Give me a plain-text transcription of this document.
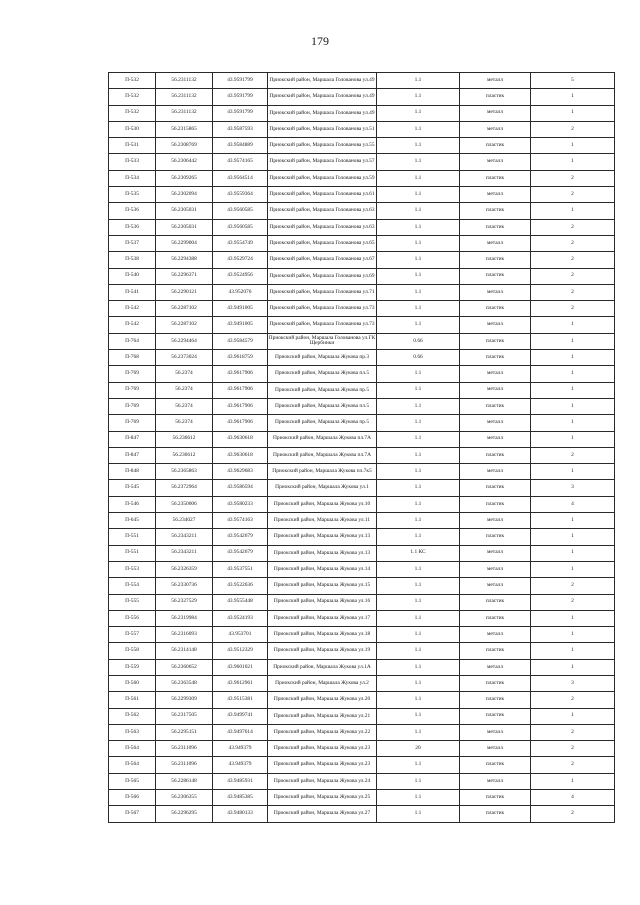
179
П-532	56.2311132	43.9591799	Приокский район, Маршала Голованова ул.49	1.1	металл	5
П-532	56.2311132	43.9591799	Приокский район, Маршала Голованова ул.49	1.1	пластик	1
П-532	56.2311132	43.9591799	Приокский район, Маршала Голованова ул.49	1.1	металл	1
П-530	56.2315865	43.9587593	Приокский район, Маршала Голованова ул.51	1.1	металл	2
П-531	56.2308769	43.9584889	Приокский район, Маршала Голованова ул.55	1.1	пластик	1
П-533	56.2306442	43.9574165	Приокский район, Маршала Голованова ул.57	1.1	металл	1
П-534	56.2309265	43.9564514	Приокский район, Маршала Голованова ул.59	1.1	пластик	2
П-535	56.2302094	43.9559364	Приокский район, Маршала Голованова ул.61	1.1	металл	2
П-536	56.2305031	43.9560585	Приокский район, Маршала Голованова ул.63	1.1	пластик	1
П-536	56.2305031	43.9560585	Приокский район, Маршала Голованова ул.63	1.1	пластик	2
П-537	56.2299004	43.9554749	Приокский район, Маршала Голованова ул.65	1.1	металл	2
П-538	56.2294388	43.9529724	Приокский район, Маршала Голованова ул.67	1.1	пластик	2
П-540	56.2296371	43.9524956	Приокский район, Маршала Голованова ул.69	1.1	пластик	2
П-541	56.2290121	43.952076	Приокский район, Маршала Голованова ул.71	1.1	металл	2
П-542	56.2287102	43.9491005	Приокский район, Маршала Голованова ул.73	1.1	пластик	2
П-542	56.2287102	43.9491005	Приокский район, Маршала Голованова ул.73	1.1	металл	1
П-764	56.2294464	43.9584579	Приокский район, Маршала Голованова ул.ГК Щербинки	0.66	пластик	1
П-768	56.2373024	43.9618759	Приокский район, Маршала Жукова пр.3	0.66	пластик	1
П-769	56.2374	43.9617906	Приокский район, Маршала Жукова пл.5	1.1	металл	1
П-769	56.2374	43.9617906	Приокский район, Маршала Жукова пр.5	1.1	металл	1
П-769	56.2374	43.9617906	Приокский район, Маршала Жукова пл.5	1.1	пластик	1
П-769	56.2374	43.9617906	Приокский район, Маршала Жукова пр.5	1.1	металл	1
П-847	56.236612	43.9630618	Приокский район, Маршала Жукова пл.7А	1.1	металл	1
П-847	56.236612	43.9630618	Приокский район, Маршала Жукова пл.7А	1.1	пластик	2
П-848	56.2365863	43.9629683	Приокский район, Маршала Жукова пл.7к5	1.1	металл	1
П-545	56.2372964	43.9586594	Приокский район, Маршала Жукова ул.1	1.1	пластик	3
П-546	56.2350006	43.9580233	Приокский район, Маршала Жукова ул.10	1.1	пластик	4
П-645	56.234027	43.9574163	Приокский район, Маршала Жукова ул.11	1.1	металл	1
П-551	56.2343211	43.9542679	Приокский район, Маршала Жукова ул.13	1.1	пластик	1
П-551	56.2343211	43.9542679	Приокский район, Маршала Жукова ул.13	1.1 КС	металл	1
П-553	56.2326359	43.9537551	Приокский район, Маршала Жукова ул.14	1.1	металл	1
П-554	56.2330736	43.9522636	Приокский район, Маршала Жукова ул.15	1.1	металл	2
П-555	56.2327529	43.9555448	Приокский район, Маршала Жукова ул.16	1.1	пластик	2
П-556	56.2319984	43.9524193	Приокский район, Маршала Жукова ул.17	1.1	пластик	1
П-557	56.2316093	43.953701	Приокский район, Маршала Жукова ул.18	1.1	металл	1
П-558	56.2314148	43.9512329	Приокский район, Маршала Жукова ул.19	1.1	пластик	1
П-559	56.2360652	43.9601021	Приокский район, Маршала Жукова ул.1А	1.1	металл	1
П-560	56.2363548	43.9612961	Приокский район, Маршала Жукова ул.2	1.1	пластик	3
П-561	56.2299309	43.9515381	Приокский район, Маршала Жукова ул.20	1.1	пластик	2
П-562	56.2317505	43.9499741	Приокский район, Маршала Жукова ул.21	1.1	пластик	1
П-563	56.2295151	43.9497614	Приокский район, Маршала Жукова ул.22	1.1	металл	2
П-564	56.2311096	43.949379	Приокский район, Маршала Жукова ул.23	20	металл	2
П-564	56.2311096	43.949379	Приокский район, Маршала Жукова ул.23	1.1	пластик	2
П-565	56.2286148	43.9485931	Приокский район, Маршала Жукова ул.24	1.1	металл	1
П-566	56.2306355	43.9485385	Приокский район, Маршала Жукова ул.25	1.1	пластик	4
П-567	56.2296295	43.9480133	Приокский район, Маршала Жукова ул.27	1.1	пластик	2
